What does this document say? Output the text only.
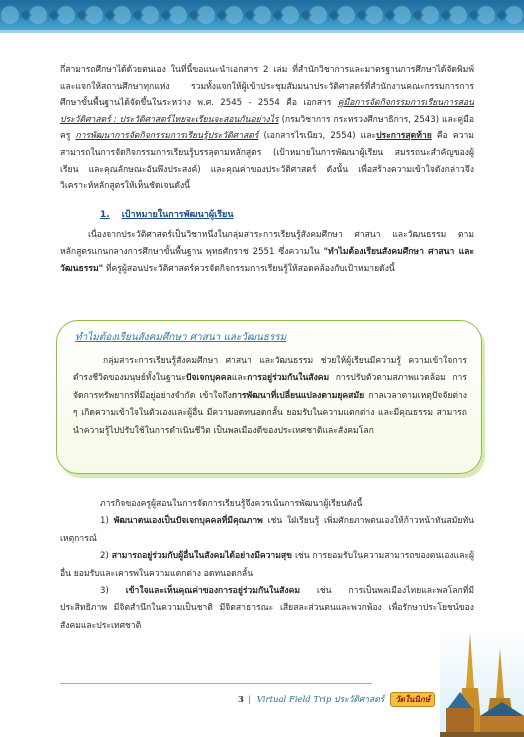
กึ่สามารถศึกษาได้ด้วยตนเอง ในที่นี้ขอแนะนำเอกสาร 2 เล่ม ที่สำนักวิชาการและมาตรฐานการศึกษาได้จัดพิมพ์และแจกให้สถานศึกษาทุกแห่ง รวมทั้งแจกให้ผู้เข้าประชุมสัมมนาประวัติศาสตร์ที่สำนักงานคณะกรรมการการศึกษาขั้นพื้นฐานได้จัดขึ้นในระหว่าง พ.ศ. 2545 - 2554 คือ เอกสาร คู่มือการจัดกิจกรรมการเรียนการสอนประวัติศาสตร์ : ประวัติศาสตร์ไทยจะเรียนจะสอนกันอย่างไร (กรมวิชาการ กระทรวงศึกษาธิการ, 2543) และคู่มือครู การพัฒนาการจัดกิจกรรมการเรียนรู้ประวัติศาสตร์ (เอกสารไรเนียว, 2554) และประการสุดท้าย คือ ความสามารถในการจัดกิจกรรมการเรียนรู้บรรลุตามหลักสูตร (เป้าหมายในการพัฒนาผู้เรียน สมรรถนะสำคัญของผู้เรียน และคุณลักษณะอันพึงประสงค์) และคุณค่าของประวัติศาสตร์ ดังนั้น เพื่อสร้างความเข้าใจดังกล่าวจึงวิเคราะห์หลักสูตรให้เห็นชัดเจนดังนี้

1. เป้าหมายในการพัฒนาผู้เรียน

เนื่องจากประวัติศาสตร์เป็นวิชาหนึ่งในกลุ่มสาระการเรียนรู้สังคมศึกษา ศาสนา และวัฒนธรรม ตามหลักสูตรแกนกลางการศึกษาขั้นพื้นฐาน พุทธศักราช 2551 ซึ่งความใน "ทำไมต้องเรียนสังคมศึกษา ศาสนา และวัฒนธรรม" ที่ครูผู้สอนประวัติศาสตร์ควรจัดกิจกรรมการเรียนรู้ให้สอดคล้องกับเป้าหมายดังนี้

ทำไมต้องเรียนสังคมศึกษา ศาสนา และวัฒนธรรม

กลุ่มสาระการเรียนรู้สังคมศึกษา ศาสนา และวัฒนธรรม ช่วยให้ผู้เรียนมีความรู้ ความเข้าใจการดำรงชีวิตของมนุษย์ทั้งในฐานะปัจเจกบุคคลและการอยู่ร่วมกันในสังคม การปรับตัวตามสภาพแวดล้อม การจัดการทรัพยากรที่มีอยู่อย่างจำกัด เข้าใจถึงการพัฒนาที่เปลี่ยนแปลงตามยุคสมัย กาลเวลาตามเหตุปัจจัยต่าง ๆ เกิดความเข้าใจในตัวเองและผู้อื่น มีความอดทนอดกลั้น ยอมรับในความแตกต่าง และมีคุณธรรม สามารถนำความรู้ไปปรับใช้ในการดำเนินชีวิต เป็นพลเมืองดีของประเทศชาติและสังคมโลก

ภารกิจของครูผู้สอนในการจัดการเรียนรู้จึงควรเน้นการพัฒนาผู้เรียนดังนี้

1) พัฒนาตนเองเป็นปัจเจกบุคคลที่มีคุณภาพ เช่น ใฝ่เรียนรู้ เพิ่มศักยภาพตนเองให้ก้าวหน้าทันสมัยทันเหตุการณ์

2) สามารถอยู่ร่วมกับผู้อื่นในสังคมได้อย่างมีความสุข เช่น การยอมรับในความสามารถของตนเองและผู้อื่น ยอมรับและเคารพในความแตกต่าง อดทนอดกลั้น

3) เข้าใจและเห็นคุณค่าของการอยู่ร่วมกันในสังคม เช่น การเป็นพลเมืองไทยและพลโลกที่มีประสิทธิภาพ มีจิตสำนึกในความเป็นชาติ มีจิตสาธารณะ เสียสละส่วนตนและพวกพ้อง เพื่อรักษาประโยชน์ของสังคมและประเทศชาติ

3 | Virtual Field Trip ประวัติศาสตร์ วัดในนิกษ์
